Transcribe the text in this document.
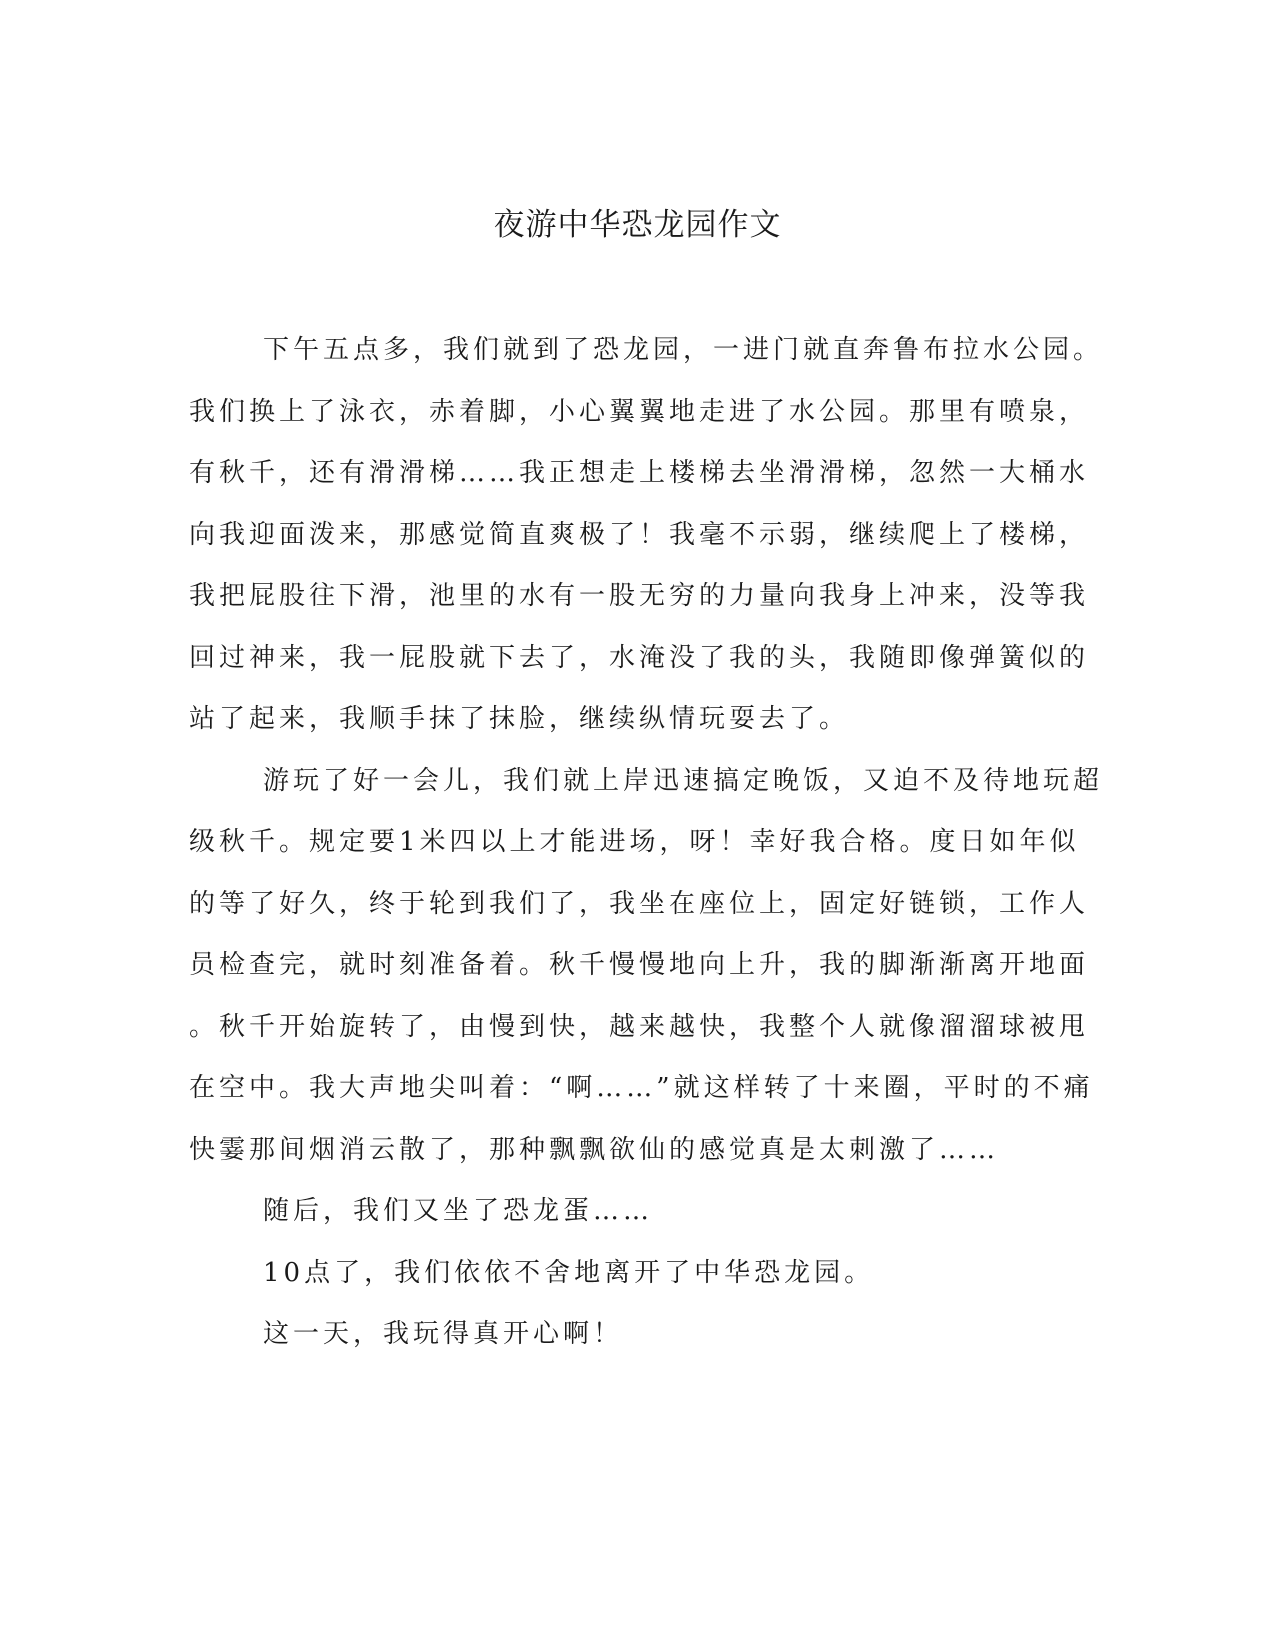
夜游中华恐龙园作文
下午五点多，我们就到了恐龙园，一进门就直奔鲁布拉水公园。
我们换上了泳衣，赤着脚，小心翼翼地走进了水公园。那里有喷泉，
有秋千，还有滑滑梯……我正想走上楼梯去坐滑滑梯，忽然一大桶水
向我迎面泼来，那感觉简直爽极了！我毫不示弱，继续爬上了楼梯，
我把屁股往下滑，池里的水有一股无穷的力量向我身上冲来，没等我
回过神来，我一屁股就下去了，水淹没了我的头，我随即像弹簧似的
站了起来，我顺手抹了抹脸，继续纵情玩耍去了。
游玩了好一会儿，我们就上岸迅速搞定晚饭，又迫不及待地玩超
级秋千。规定要1米四以上才能进场，呀！幸好我合格。度日如年似
的等了好久，终于轮到我们了，我坐在座位上，固定好链锁，工作人
员检查完，就时刻准备着。秋千慢慢地向上升，我的脚渐渐离开地面
。秋千开始旋转了，由慢到快，越来越快，我整个人就像溜溜球被甩
在空中。我大声地尖叫着：“啊……”就这样转了十来圈，平时的不痛
快霎那间烟消云散了，那种飘飘欲仙的感觉真是太刺激了……
随后，我们又坐了恐龙蛋……
10点了，我们依依不舍地离开了中华恐龙园。
这一天，我玩得真开心啊！
